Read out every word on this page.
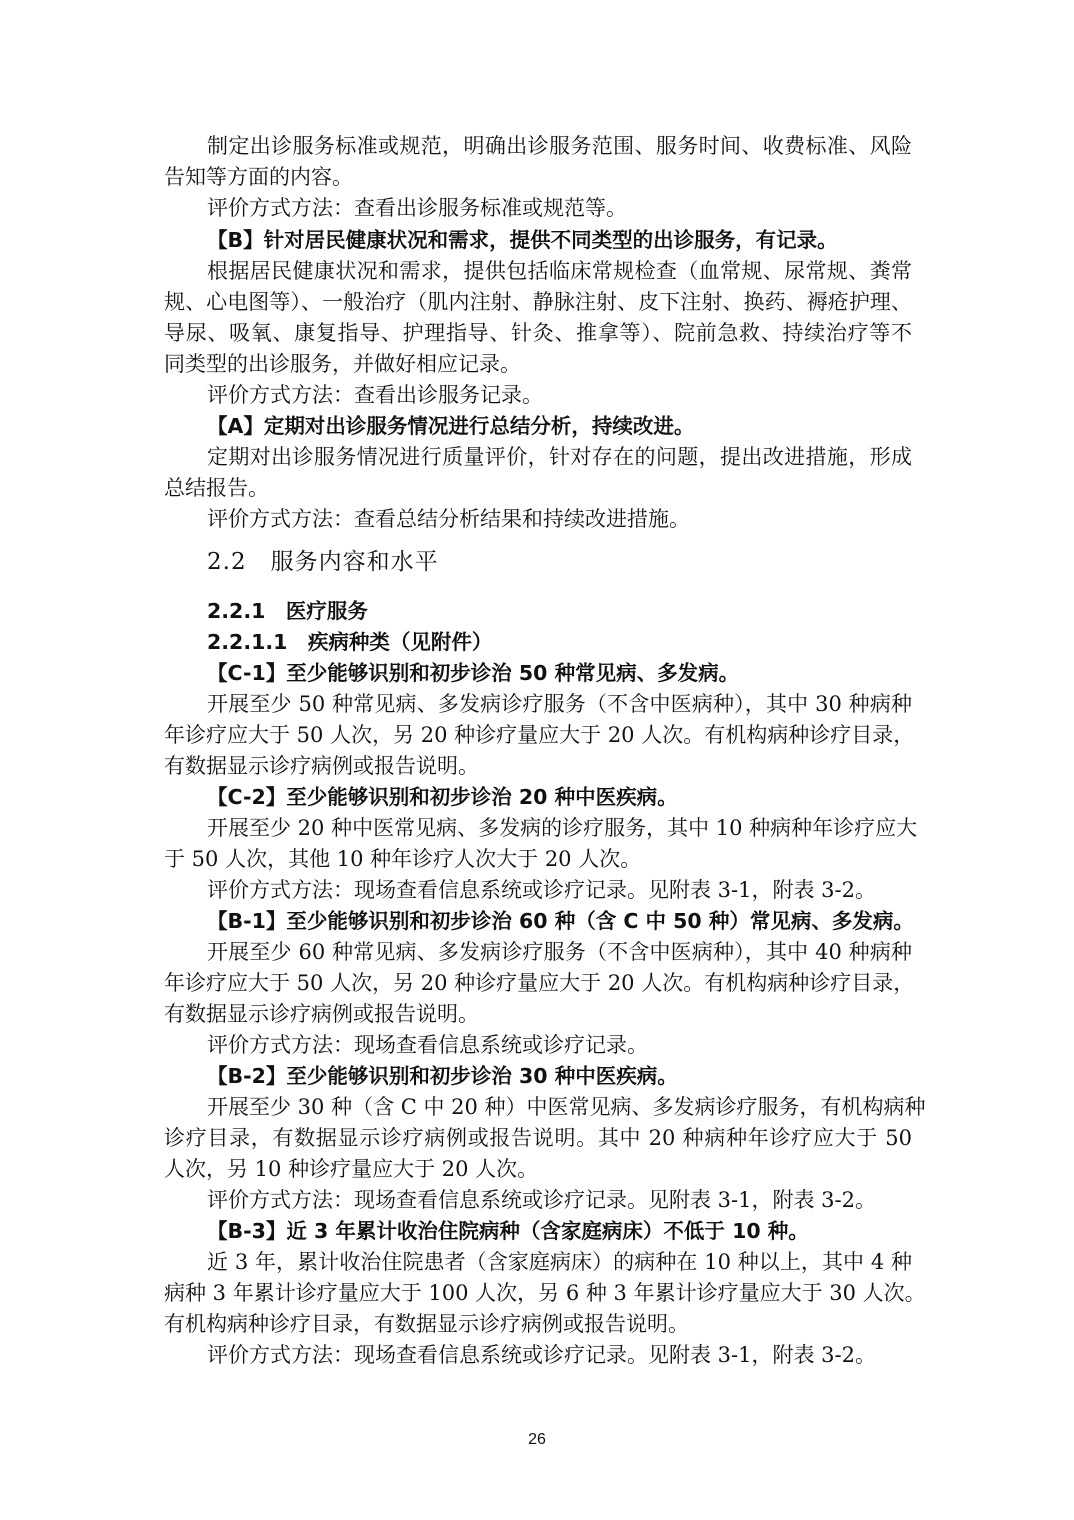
制定出诊服务标准或规范，明确出诊服务范围、服务时间、收费标准、风险
告知等方面的内容。
评价方式方法：查看出诊服务标准或规范等。
【B】针对居民健康状况和需求，提供不同类型的出诊服务，有记录。
根据居民健康状况和需求，提供包括临床常规检查（血常规、尿常规、粪常
规、心电图等）、一般治疗（肌内注射、静脉注射、皮下注射、换药、褥疮护理、
导尿、吸氧、康复指导、护理指导、针灸、推拿等）、院前急救、持续治疗等不
同类型的出诊服务，并做好相应记录。
评价方式方法：查看出诊服务记录。
【A】定期对出诊服务情况进行总结分析，持续改进。
定期对出诊服务情况进行质量评价，针对存在的问题，提出改进措施，形成
总结报告。
评价方式方法：查看总结分析结果和持续改进措施。
2.2　服务内容和水平
2.2.1　医疗服务
2.2.1.1　疾病种类（见附件）
【C-1】至少能够识别和初步诊治 50 种常见病、多发病。
开展至少 50 种常见病、多发病诊疗服务（不含中医病种），其中 30 种病种
年诊疗应大于 50 人次，另 20 种诊疗量应大于 20 人次。有机构病种诊疗目录，
有数据显示诊疗病例或报告说明。
【C-2】至少能够识别和初步诊治 20 种中医疾病。
开展至少 20 种中医常见病、多发病的诊疗服务，其中 10 种病种年诊疗应大
于 50 人次，其他 10 种年诊疗人次大于 20 人次。
评价方式方法：现场查看信息系统或诊疗记录。见附表 3-1，附表 3-2。
【B-1】至少能够识别和初步诊治 60 种（含 C 中 50 种）常见病、多发病。
开展至少 60 种常见病、多发病诊疗服务（不含中医病种），其中 40 种病种
年诊疗应大于 50 人次，另 20 种诊疗量应大于 20 人次。有机构病种诊疗目录，
有数据显示诊疗病例或报告说明。
评价方式方法：现场查看信息系统或诊疗记录。
【B-2】至少能够识别和初步诊治 30 种中医疾病。
开展至少 30 种（含 C 中 20 种）中医常见病、多发病诊疗服务，有机构病种
诊疗目录，有数据显示诊疗病例或报告说明。其中 20 种病种年诊疗应大于 50
人次，另 10 种诊疗量应大于 20 人次。
评价方式方法：现场查看信息系统或诊疗记录。见附表 3-1，附表 3-2。
【B-3】近 3 年累计收治住院病种（含家庭病床）不低于 10 种。
近 3 年，累计收治住院患者（含家庭病床）的病种在 10 种以上，其中 4 种
病种 3 年累计诊疗量应大于 100 人次，另 6 种 3 年累计诊疗量应大于 30 人次。
有机构病种诊疗目录，有数据显示诊疗病例或报告说明。
评价方式方法：现场查看信息系统或诊疗记录。见附表 3-1，附表 3-2。
26
